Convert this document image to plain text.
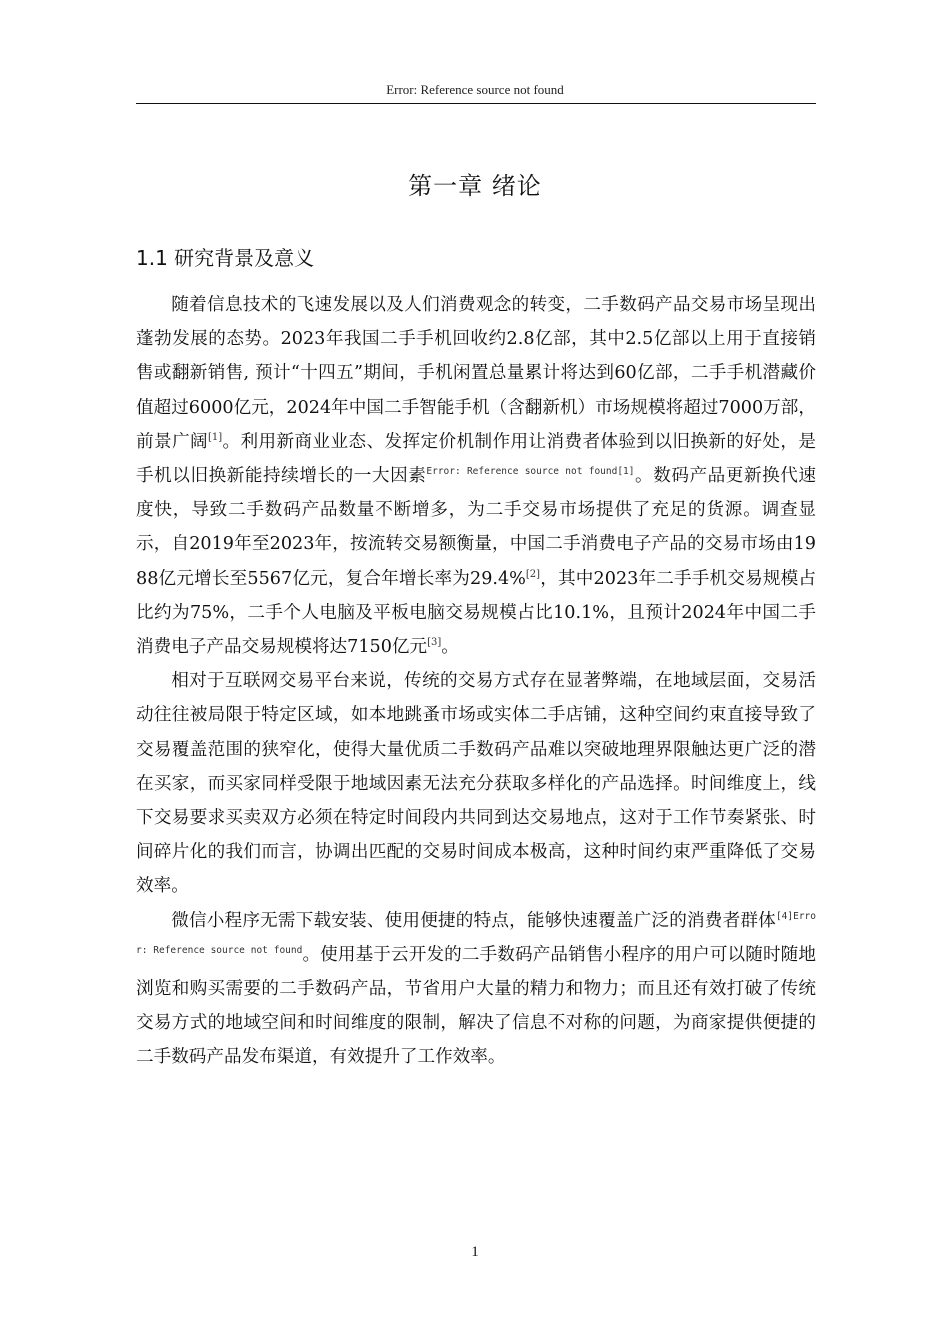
Error: Reference source not found
第一章 绪论
1.1 研究背景及意义

随着信息技术的飞速发展以及人们消费观念的转变，二手数码产品交易市场呈现出蓬勃发展的态势。2023年我国二手手机回收约2.8亿部，其中2.5亿部以上用于直接销售或翻新销售, 预计“十四五”期间，手机闲置总量累计将达到60亿部，二手手机潜藏价值超过6000亿元，2024年中国二手智能手机（含翻新机）市场规模将超过7000万部，前景广阔[1]。利用新商业业态、发挥定价机制作用让消费者体验到以旧换新的好处，是手机以旧换新能持续增长的一大因素$^{Error: Reference source not found[1]}$。数码产品更新换代速度快，导致二手数码产品数量不断增多，为二手交易市场提供了充足的货源。调查显示，自2019年至2023年，按流转交易额衡量，中国二手消费电子产品的交易市场由1988亿元增长至5567亿元，复合年增长率为29.4%[2]，其中2023年二手手机交易规模占比约为75%，二手个人电脑及平板电脑交易规模占比10.1%，且预计2024年中国二手消费电子产品交易规模将达7150亿元[3]。

相对于互联网交易平台来说，传统的交易方式存在显著弊端，在地域层面，交易活动往往被局限于特定区域，如本地跳蚤市场或实体二手店铺，这种空间约束直接导致了交易覆盖范围的狭窄化，使得大量优质二手数码产品难以突破地理界限触达更广泛的潜在买家，而买家同样受限于地域因素无法充分获取多样化的产品选择。时间维度上，线下交易要求买卖双方必须在特定时间段内共同到达交易地点，这对于工作节奏紧张、时间碎片化的我们而言，协调出匹配的交易时间成本极高，这种时间约束严重降低了交易效率。

微信小程序无需下载安装、使用便捷的特点，能够快速覆盖广泛的消费者群体$^{[4]Error: Reference source not found}$。使用基于云开发的二手数码产品销售小程序的用户可以随时随地浏览和购买需要的二手数码产品，节省用户大量的精力和物力；而且还有效打破了传统交易方式的地域空间和时间维度的限制，解决了信息不对称的问题，为商家提供便捷的二手数码产品发布渠道，有效提升了工作效率。

1
